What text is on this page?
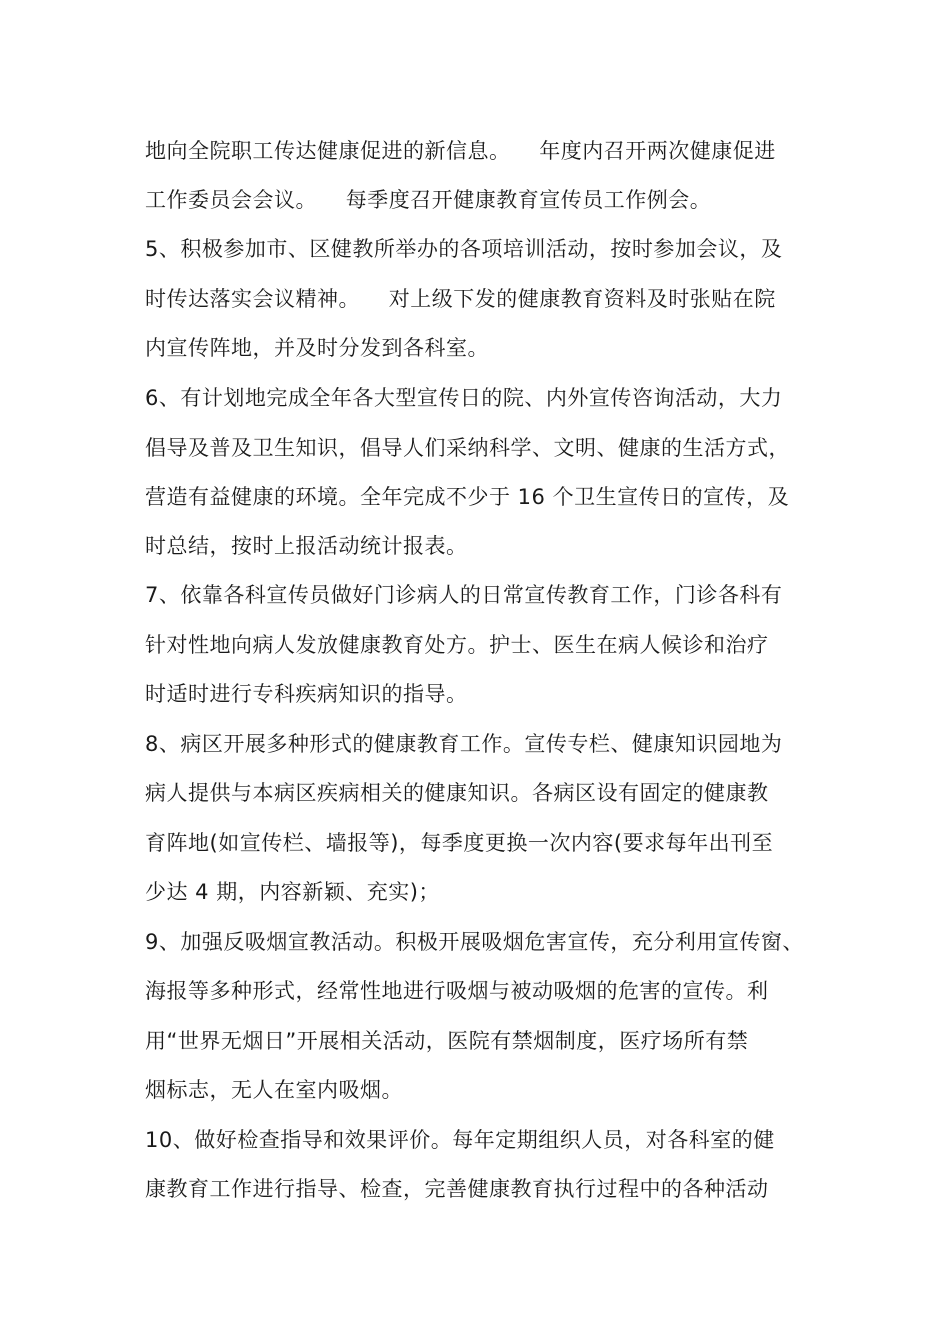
地向全院职工传达健康促进的新信息。    年度内召开两次健康促进
工作委员会会议。    每季度召开健康教育宣传员工作例会。
5、积极参加市、区健教所举办的各项培训活动，按时参加会议，及
时传达落实会议精神。    对上级下发的健康教育资料及时张贴在院
内宣传阵地，并及时分发到各科室。
6、有计划地完成全年各大型宣传日的院、内外宣传咨询活动，大力
倡导及普及卫生知识，倡导人们采纳科学、文明、健康的生活方式，
营造有益健康的环境。全年完成不少于 16 个卫生宣传日的宣传，及
时总结，按时上报活动统计报表。
7、依靠各科宣传员做好门诊病人的日常宣传教育工作，门诊各科有
针对性地向病人发放健康教育处方。护士、医生在病人候诊和治疗
时适时进行专科疾病知识的指导。
8、病区开展多种形式的健康教育工作。宣传专栏、健康知识园地为
病人提供与本病区疾病相关的健康知识。各病区设有固定的健康教
育阵地(如宣传栏、墙报等)，每季度更换一次内容(要求每年出刊至
少达 4 期，内容新颖、充实)；
9、加强反吸烟宣教活动。积极开展吸烟危害宣传，充分利用宣传窗、
海报等多种形式，经常性地进行吸烟与被动吸烟的危害的宣传。利
用“世界无烟日”开展相关活动，医院有禁烟制度，医疗场所有禁
烟标志，无人在室内吸烟。
10、做好检查指导和效果评价。每年定期组织人员，对各科室的健
康教育工作进行指导、检查，完善健康教育执行过程中的各种活动
